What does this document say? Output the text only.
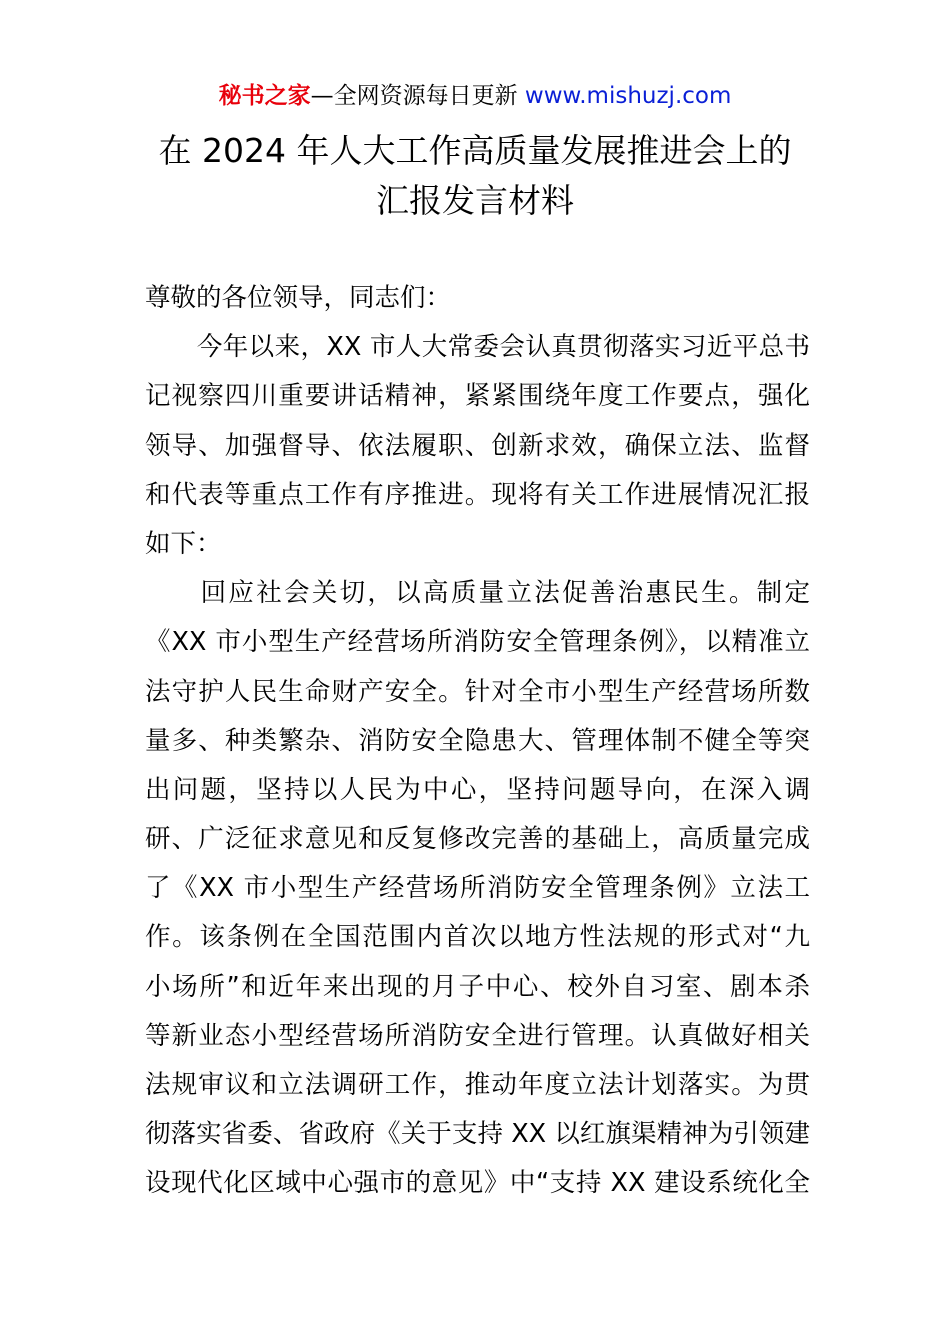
秘书之家—全网资源每日更新 www.mishuzj.com
在 2024 年人大工作高质量发展推进会上的
汇报发言材料
尊敬的各位领导，同志们：
　　今年以来，XX 市人大常委会认真贯彻落实习近平总书
记视察四川重要讲话精神，紧紧围绕年度工作要点，强化
领导、加强督导、依法履职、创新求效，确保立法、监督
和代表等重点工作有序推进。现将有关工作进展情况汇报
如下：
　　回应社会关切，以高质量立法促善治惠民生。制定
《XX 市小型生产经营场所消防安全管理条例》，以精准立
法守护人民生命财产安全。针对全市小型生产经营场所数
量多、种类繁杂、消防安全隐患大、管理体制不健全等突
出问题，坚持以人民为中心，坚持问题导向，在深入调
研、广泛征求意见和反复修改完善的基础上，高质量完成
了《XX 市小型生产经营场所消防安全管理条例》立法工
作。该条例在全国范围内首次以地方性法规的形式对“九
小场所”和近年来出现的月子中心、校外自习室、剧本杀
等新业态小型经营场所消防安全进行管理。认真做好相关
法规审议和立法调研工作，推动年度立法计划落实。为贯
彻落实省委、省政府《关于支持 XX 以红旗渠精神为引领建
设现代化区域中心强市的意见》中“支持 XX 建设系统化全
